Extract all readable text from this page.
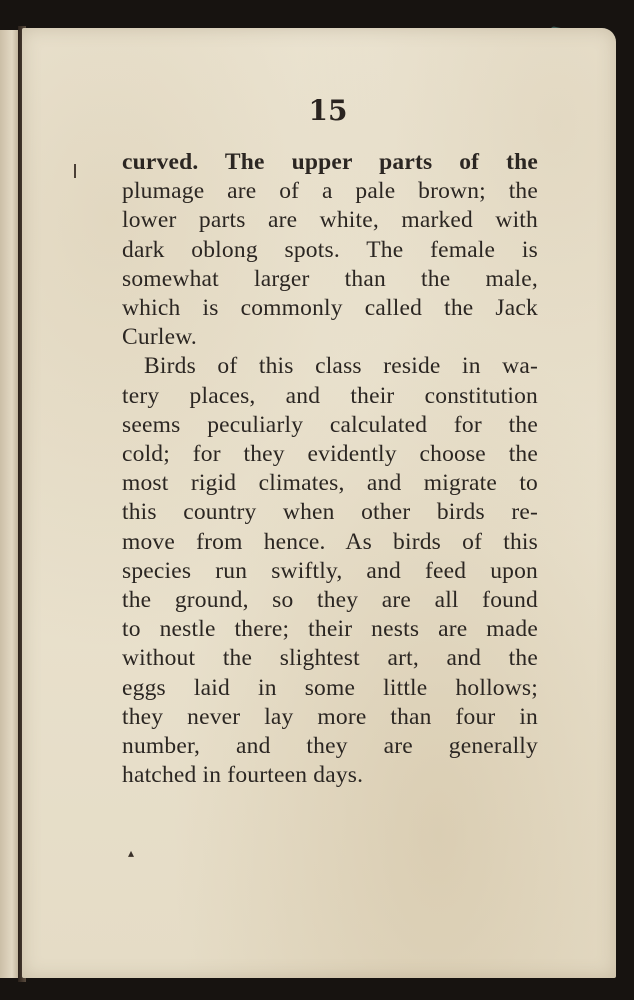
15
▴
curved. The upper parts of the
plumage are of a pale brown; the
lower parts are white, marked with
dark oblong spots. The female is
somewhat larger than the male,
which is commonly called the Jack
Curlew.
Birds of this class reside in wa-
tery places, and their constitution
seems peculiarly calculated for the
cold; for they evidently choose the
most rigid climates, and migrate to
this country when other birds re-
move from hence. As birds of this
species run swiftly, and feed upon
the ground, so they are all found
to nestle there; their nests are made
without the slightest art, and the
eggs laid in some little hollows;
they never lay more than four in
number, and they are generally
hatched in fourteen days.
